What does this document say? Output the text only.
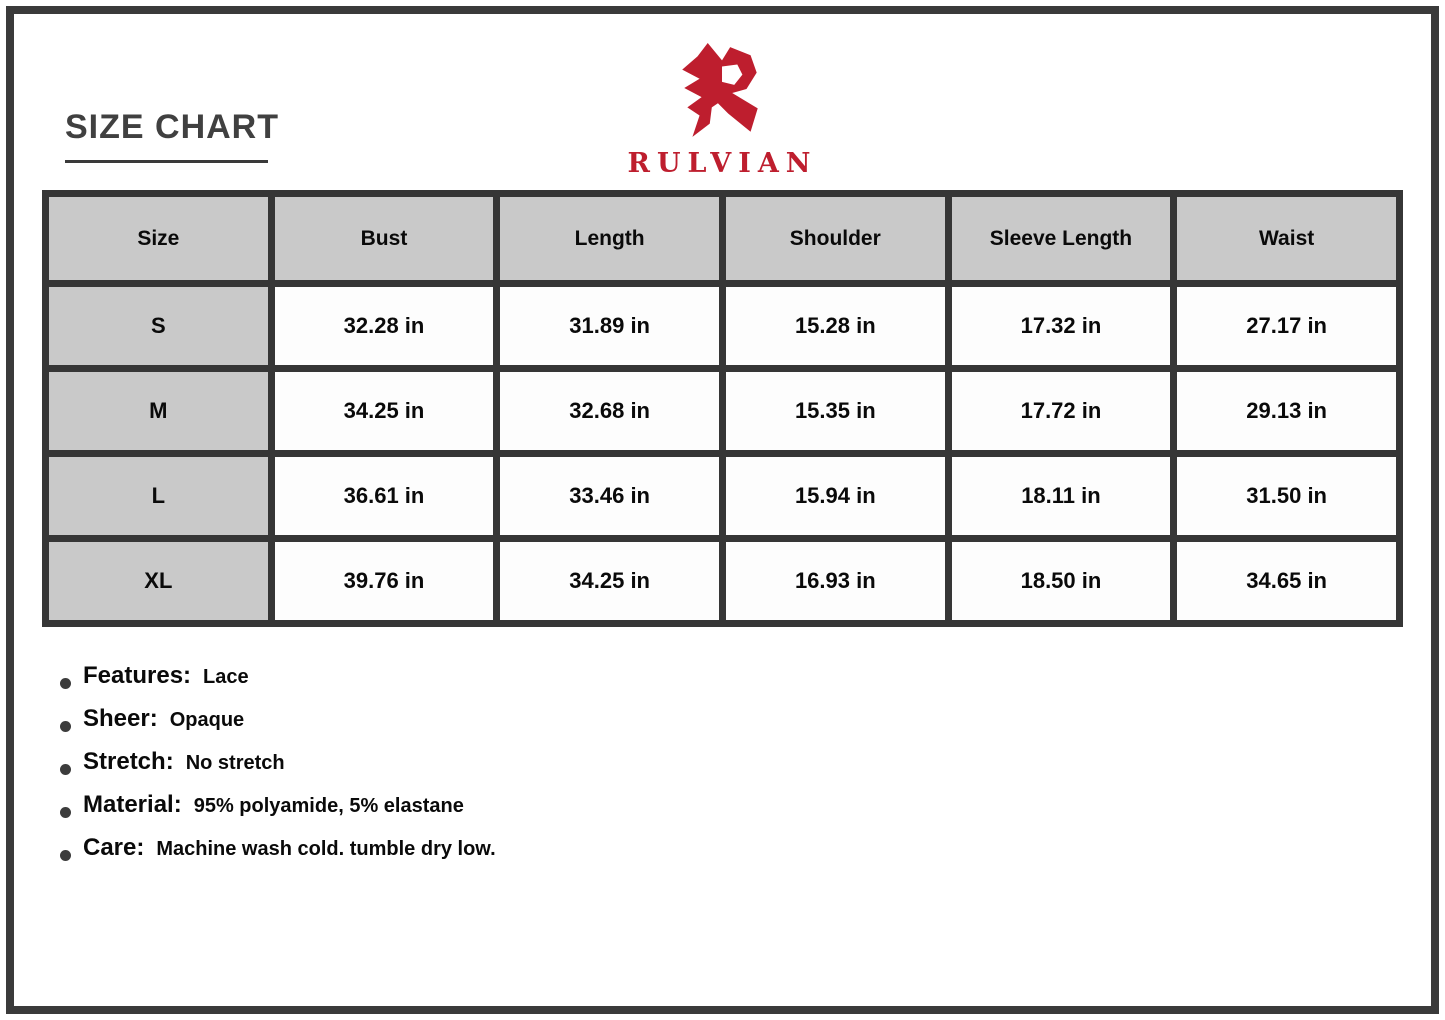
SIZE CHART
RULVIAN
Size	Bust	Length	Shoulder	Sleeve Length	Waist
S	32.28 in	31.89 in	15.28 in	17.32 in	27.17 in
M	34.25 in	32.68 in	15.35 in	17.72 in	29.13 in
L	36.61 in	33.46 in	15.94 in	18.11 in	31.50 in
XL	39.76 in	34.25 in	16.93 in	18.50 in	34.65 in
Features: Lace
Sheer: Opaque
Stretch: No stretch
Material: 95% polyamide, 5% elastane
Care: Machine wash cold. tumble dry low.
